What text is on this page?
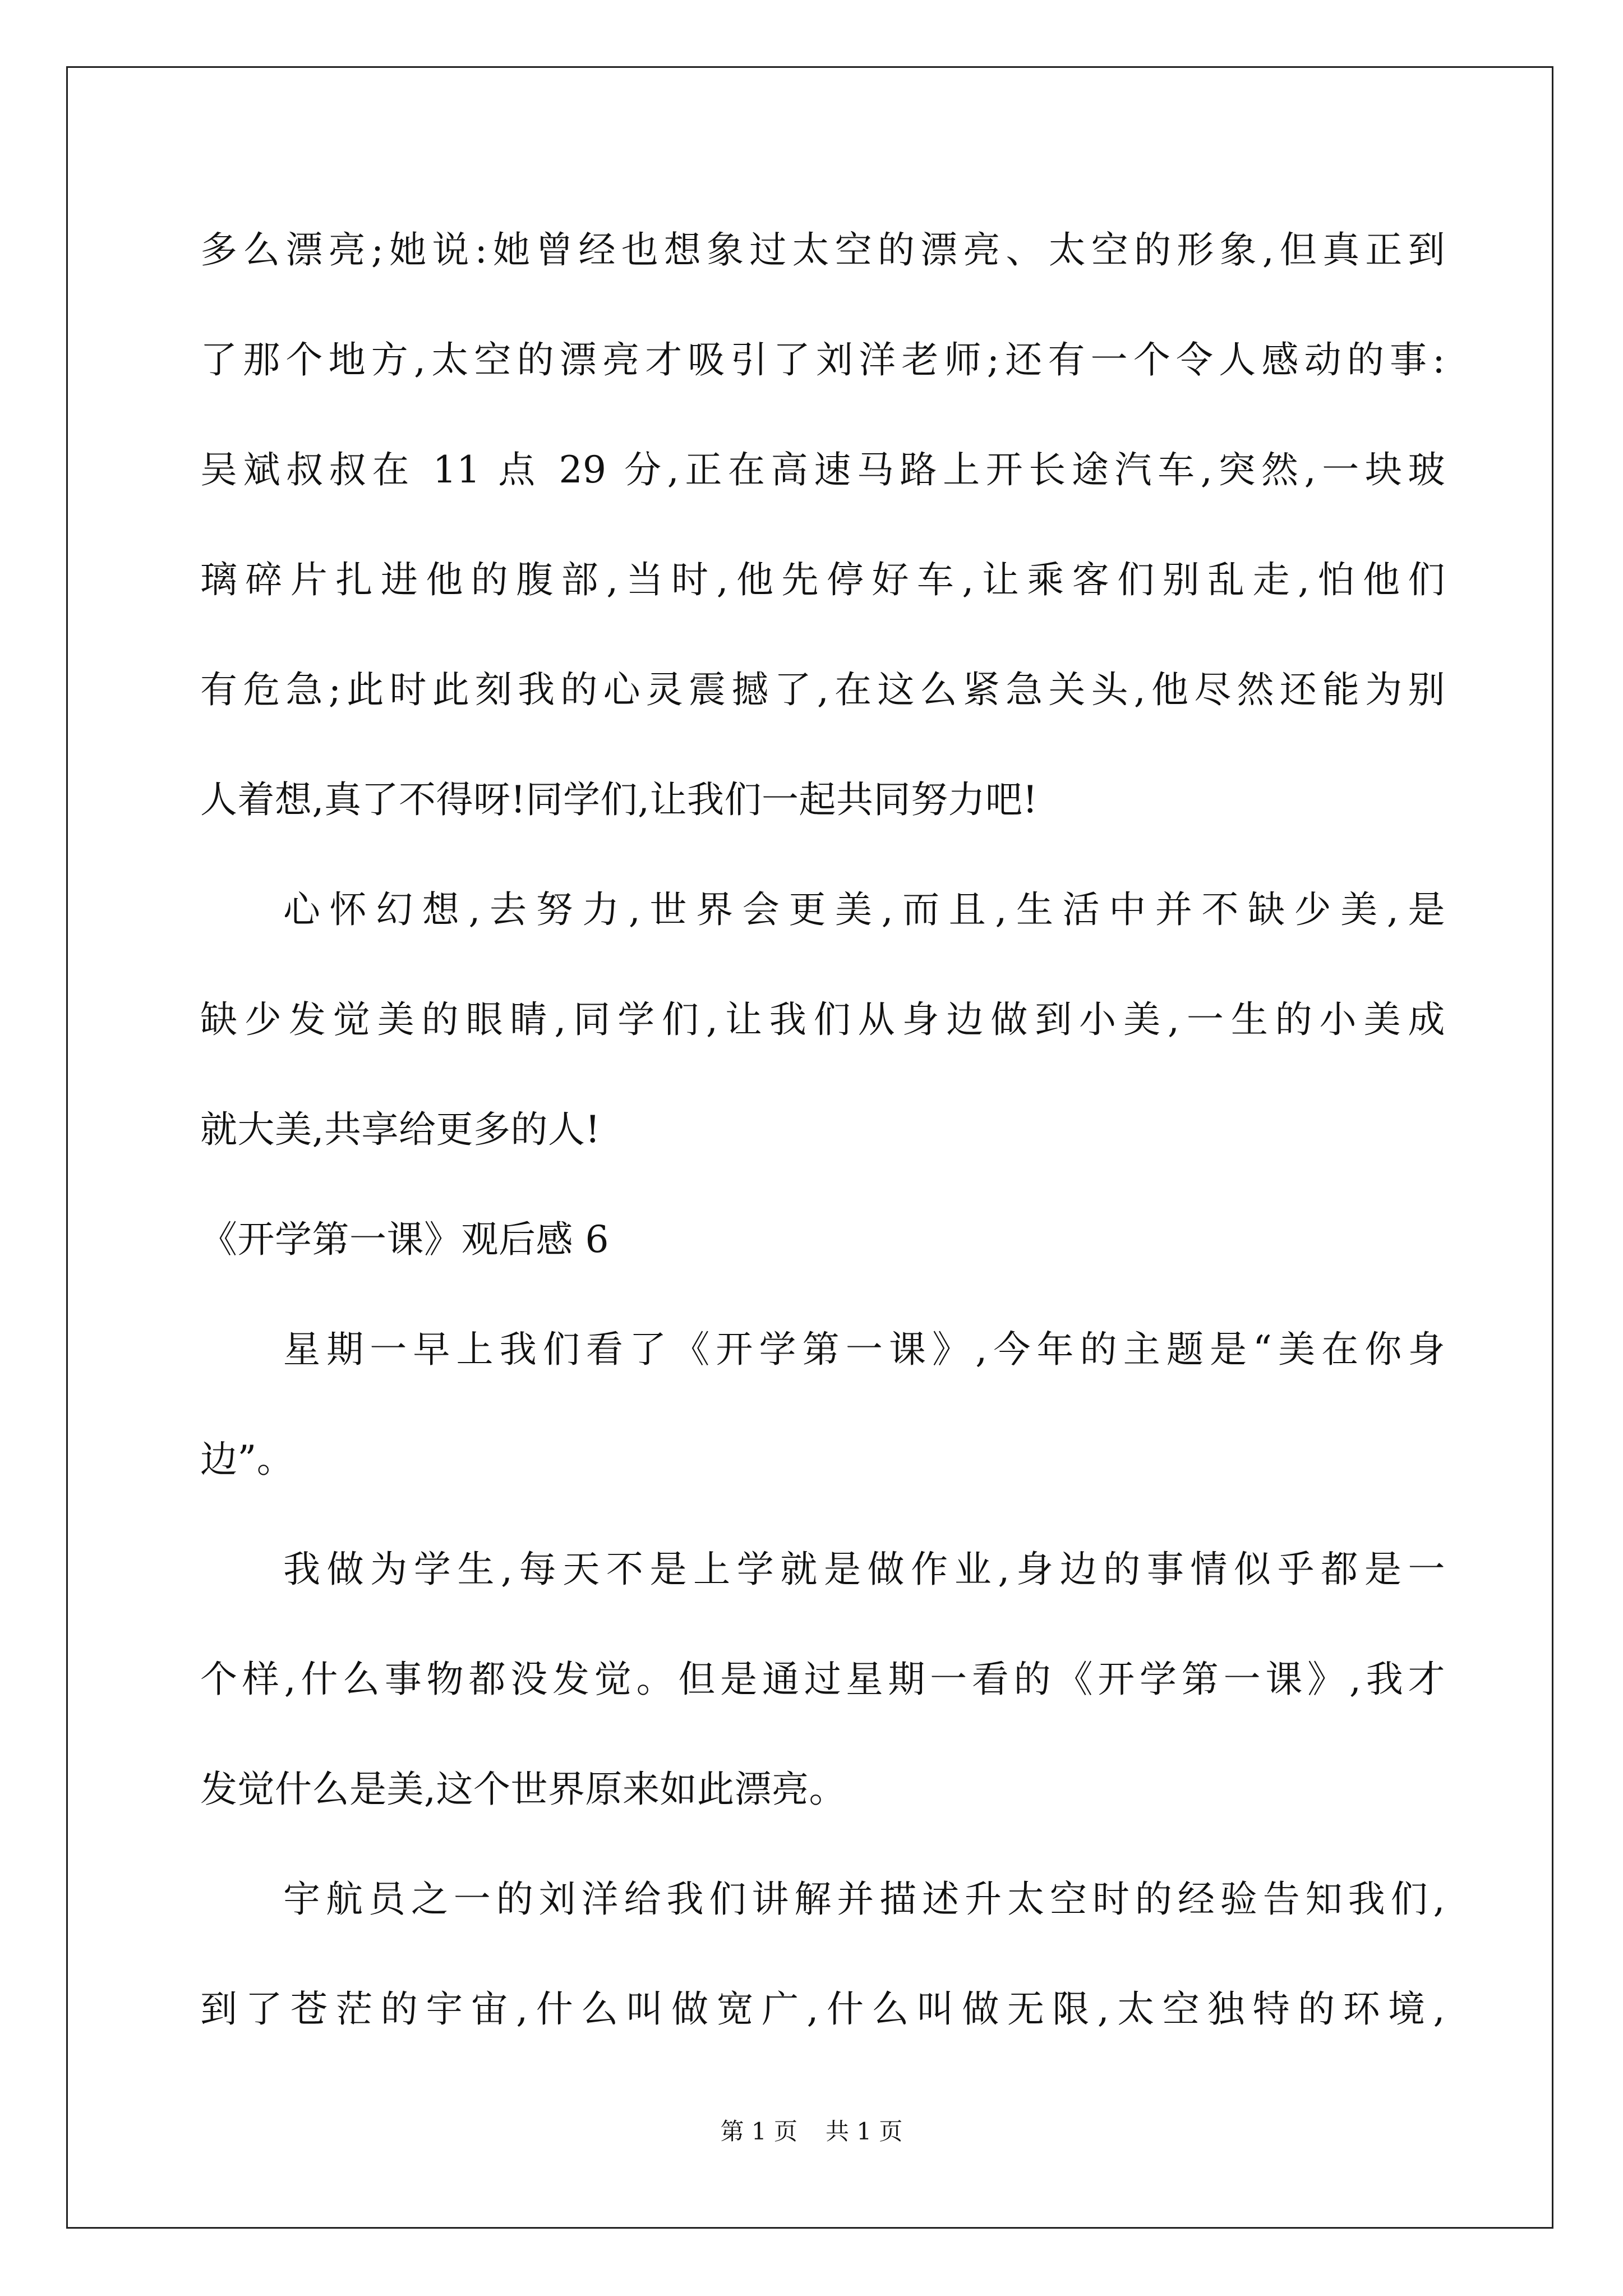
多么漂亮;她说:她曾经也想象过太空的漂亮、太空的形象,但真正到
了那个地方,太空的漂亮才吸引了刘洋老师;还有一个令人感动的事:
吴斌叔叔在 11 点 29 分,正在高速马路上开长途汽车,突然,一块玻
璃碎片扎进他的腹部,当时,他先停好车,让乘客们别乱走,怕他们
有危急;此时此刻我的心灵震撼了,在这么紧急关头,他尽然还能为别
人着想,真了不得呀!同学们,让我们一起共同努力吧!
心怀幻想,去努力,世界会更美,而且,生活中并不缺少美,是
缺少发觉美的眼睛,同学们,让我们从身边做到小美,一生的小美成
就大美,共享给更多的人!
《开学第一课》观后感 6
星期一早上我们看了《开学第一课》,今年的主题是“美在你身
边”。
我做为学生,每天不是上学就是做作业,身边的事情似乎都是一
个样,什么事物都没发觉。但是通过星期一看的《开学第一课》,我才
发觉什么是美,这个世界原来如此漂亮。
宇航员之一的刘洋给我们讲解并描述升太空时的经验告知我们,
到了苍茫的宇宙,什么叫做宽广,什么叫做无限,太空独特的环境,
第 1 页 共 1 页
